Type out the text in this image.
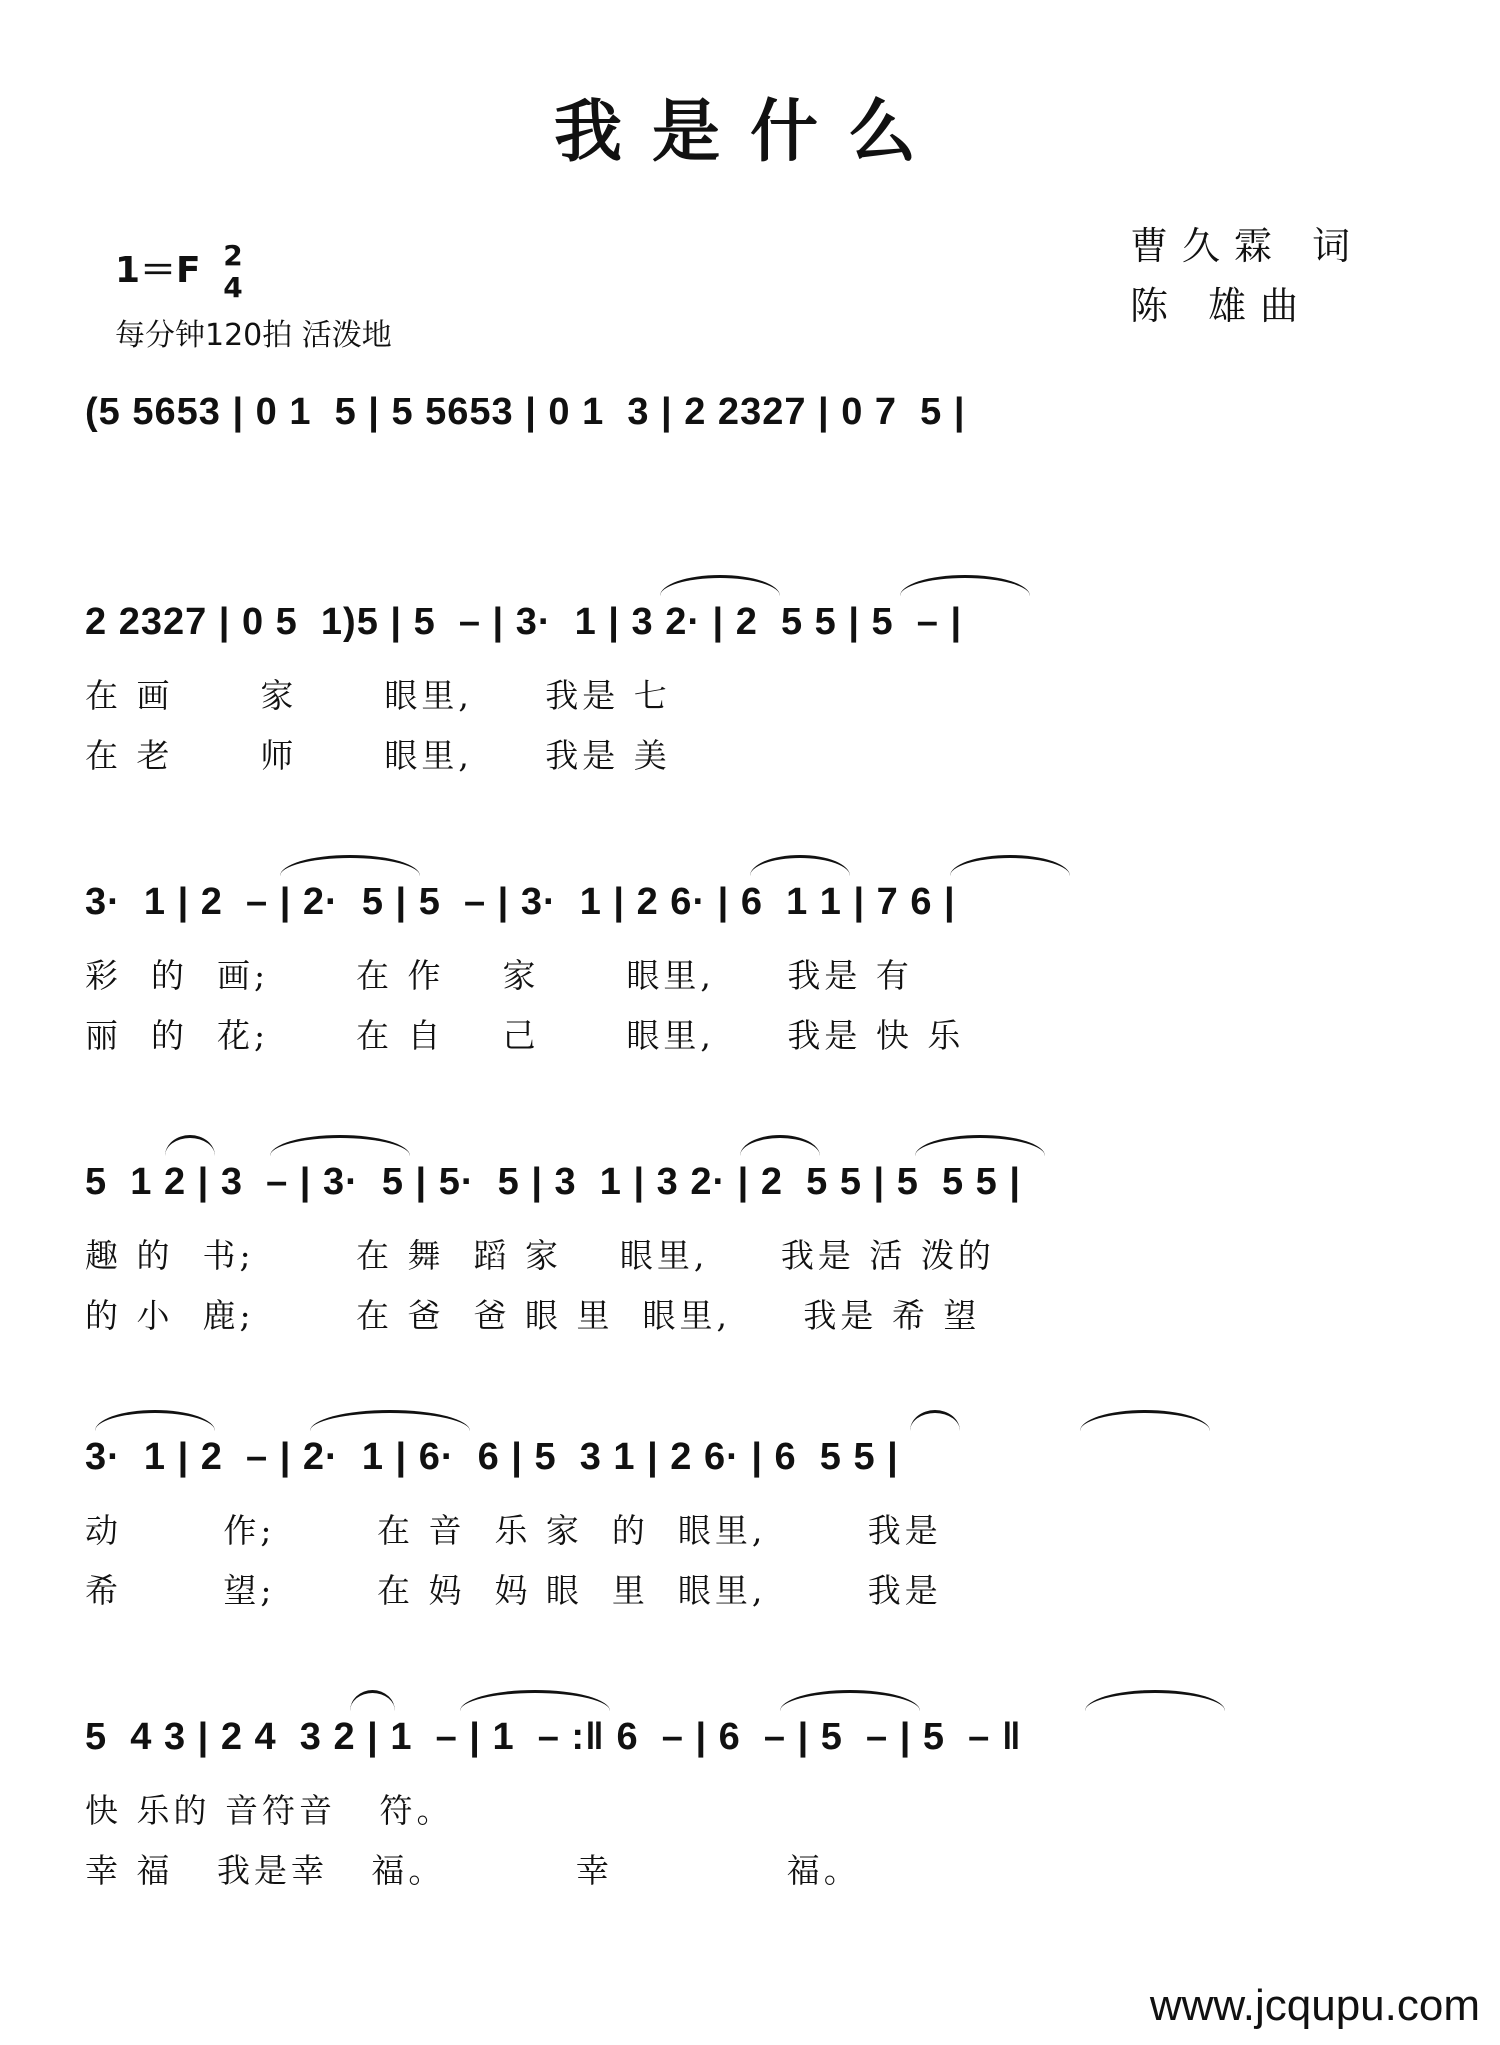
我是什么
1＝F 2
4
每分钟120拍 活泼地
曹久霖 词
陈 雄曲
(5 5653 | 0 1  5 | 5 5653 | 0 1  3 | 2 2327 | 0 7  5 |
2 2327 | 0 5  1)5 | 5  – | 3·  1 | 3 2· | 2  5 5 | 5  – |
在 画      家      眼里,     我是 七
在 老      师      眼里,     我是 美
3·  1 | 2  – | 2·  5 | 5  – | 3·  1 | 2 6· | 6  1 1 | 7 6 |
彩  的  画;      在 作    家      眼里,     我是 有
丽  的  花;      在 自    己      眼里,     我是 快 乐
5  1 2 | 3  – | 3·  5 | 5·  5 | 3  1 | 3 2· | 2  5 5 | 5  5 5 |
趣 的  书;       在 舞  蹈 家    眼里,     我是 活 泼的
的 小  鹿;       在 爸  爸 眼 里  眼里,     我是 希 望
3·  1 | 2  – | 2·  1 | 6·  6 | 5  3 1 | 2 6· | 6  5 5 |
动       作;       在 音  乐 家  的  眼里,       我是
希       望;       在 妈  妈 眼  里  眼里,       我是
5  4 3 | 2 4  3 2 | 1  – | 1  – :‖ 6  – | 6  – | 5  – | 5  – ‖
快 乐的 音符音   符。
幸 福   我是幸   福。         幸            福。
www.jcqupu.com
